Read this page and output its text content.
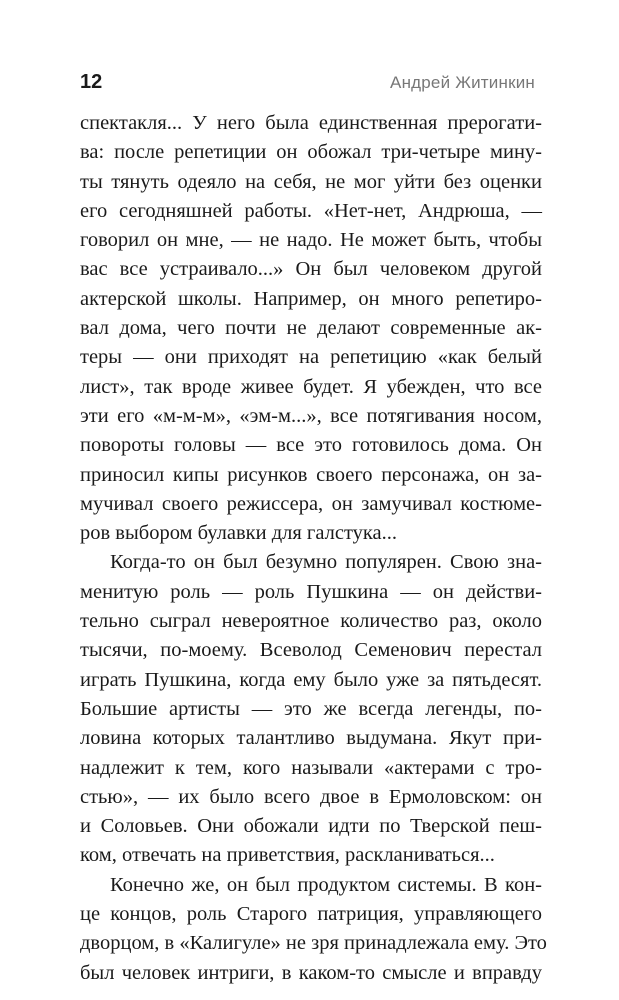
12	Андрей Житинкин
спектакля... У него была единственная прерогати-
ва: после репетиции он обожал три-четыре мину-
ты тянуть одеяло на себя, не мог уйти без оценки
его сегодняшней работы. «Нет-нет, Андрюша, —
говорил он мне, — не надо. Не может быть, чтобы
вас все устраивало...» Он был человеком другой
актерской школы. Например, он много репетиро-
вал дома, чего почти не делают современные ак-
теры — они приходят на репетицию «как белый
лист», так вроде живее будет. Я убежден, что все
эти его «м-м-м», «эм-м...», все потягивания носом,
повороты головы — все это готовилось дома. Он
приносил кипы рисунков своего персонажа, он за-
мучивал своего режиссера, он замучивал костюме-
ров выбором булавки для галстука...
Когда-то он был безумно популярен. Свою зна-
менитую роль — роль Пушкина — он действи-
тельно сыграл невероятное количество раз, около
тысячи, по-моему. Всеволод Семенович перестал
играть Пушкина, когда ему было уже за пятьдесят.
Большие артисты — это же всегда легенды, по-
ловина которых талантливо выдумана. Якут при-
надлежит к тем, кого называли «актерами с тро-
стью», — их было всего двое в Ермоловском: он
и Соловьев. Они обожали идти по Тверской пеш-
ком, отвечать на приветствия, раскланиваться...
Конечно же, он был продуктом системы. В кон-
це концов, роль Старого патриция, управляющего
дворцом, в «Калигуле» не зря принадлежала ему. Это
был человек интриги, в каком-то смысле и вправду
